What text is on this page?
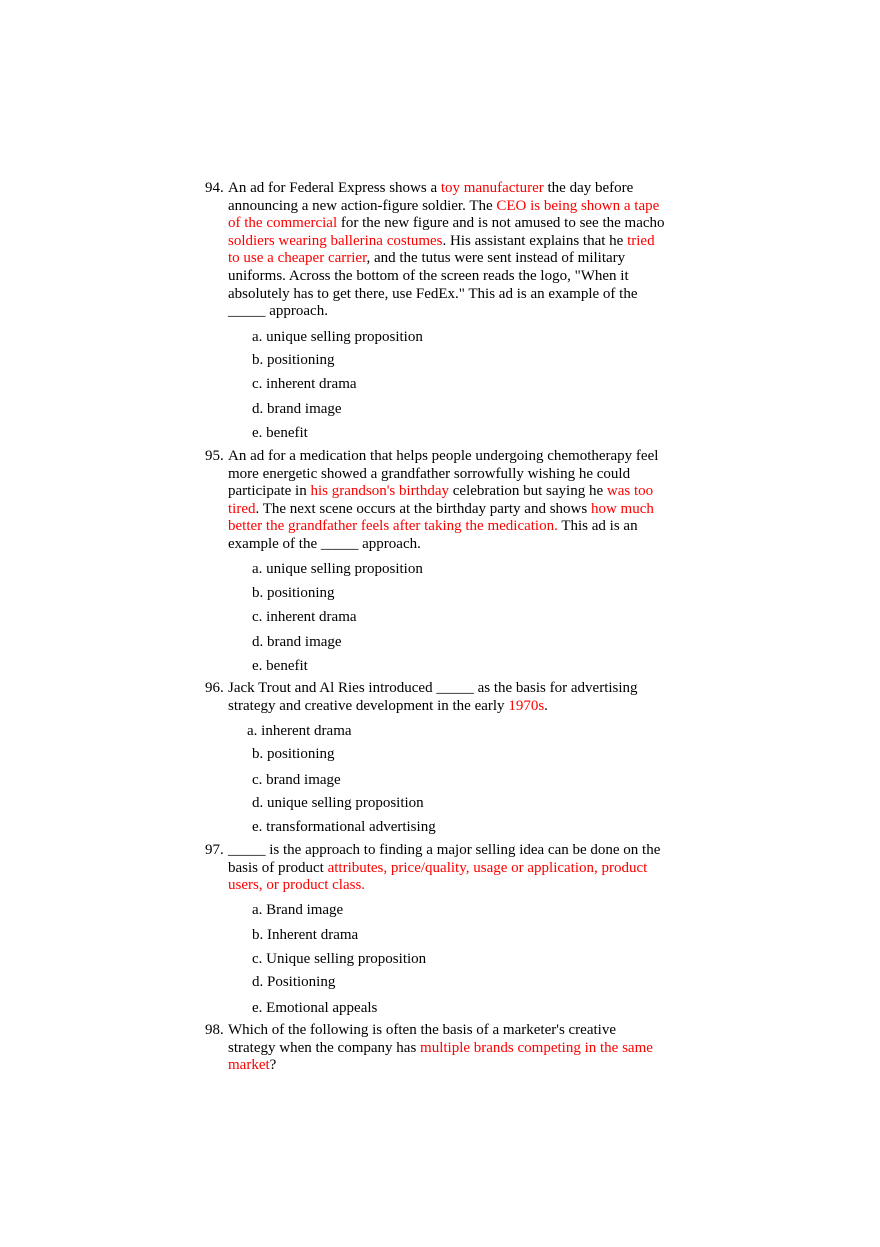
94. An ad for Federal Express shows a toy manufacturer the day before announcing a new action-figure soldier. The CEO is being shown a tape of the commercial for the new figure and is not amused to see the macho soldiers wearing ballerina costumes. His assistant explains that he tried to use a cheaper carrier, and the tutus were sent instead of military uniforms. Across the bottom of the screen reads the logo, "When it absolutely has to get there, use FedEx." This ad is an example of the _____ approach.
a. unique selling proposition
b. positioning
c. inherent drama
d. brand image
e. benefit
95. An ad for a medication that helps people undergoing chemotherapy feel more energetic showed a grandfather sorrowfully wishing he could participate in his grandson's birthday celebration but saying he was too tired. The next scene occurs at the birthday party and shows how much better the grandfather feels after taking the medication. This ad is an example of the _____ approach.
a. unique selling proposition
b. positioning
c. inherent drama
d. brand image
e. benefit
96. Jack Trout and Al Ries introduced _____ as the basis for advertising strategy and creative development in the early 1970s.
a. inherent drama
b. positioning
c. brand image
d. unique selling proposition
e. transformational advertising
97. _____ is the approach to finding a major selling idea can be done on the basis of product attributes, price/quality, usage or application, product users, or product class.
a. Brand image
b. Inherent drama
c. Unique selling proposition
d. Positioning
e. Emotional appeals
98. Which of the following is often the basis of a marketer's creative strategy when the company has multiple brands competing in the same market?
